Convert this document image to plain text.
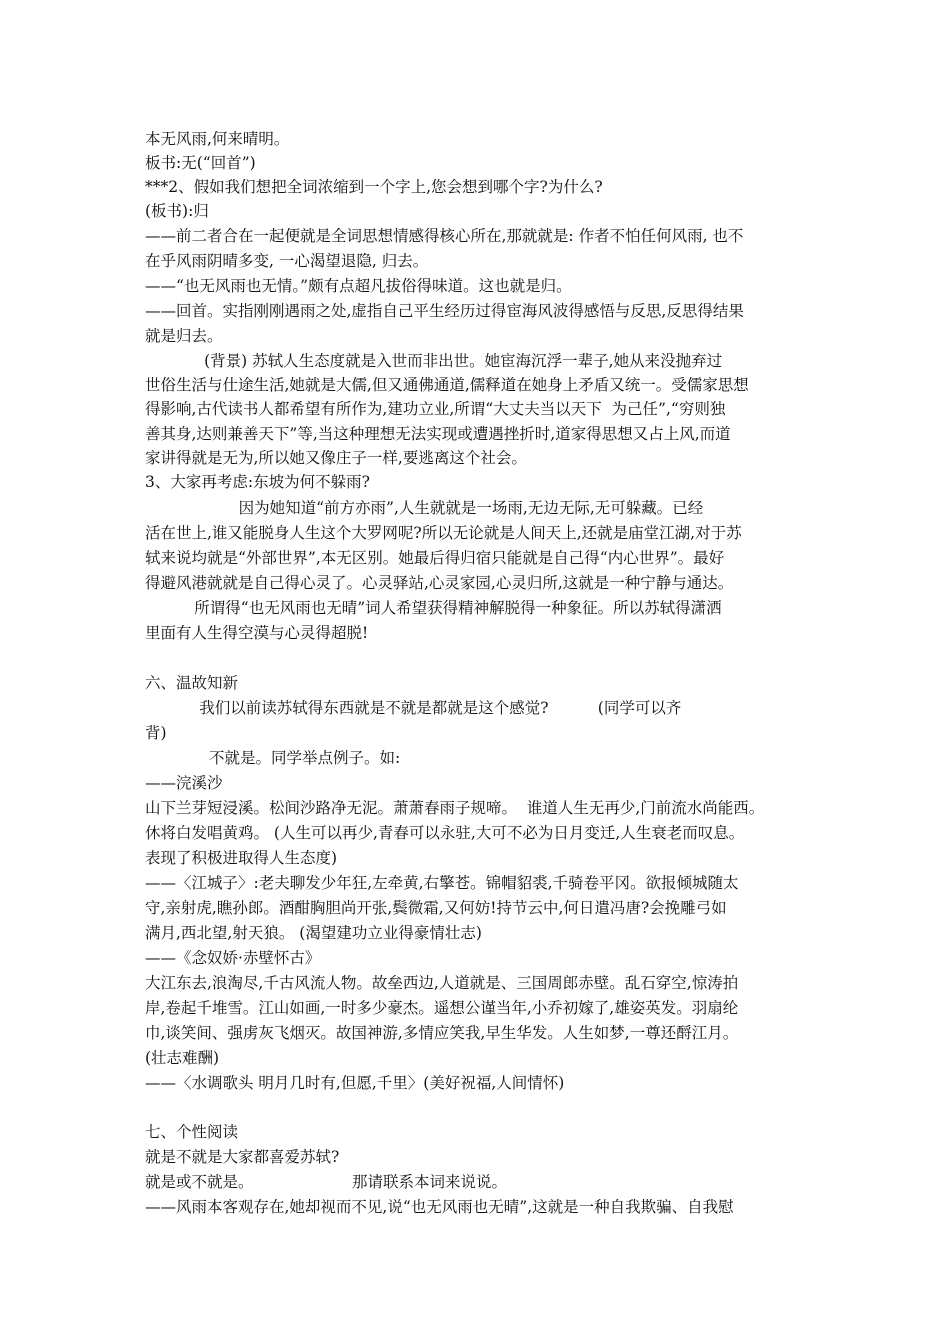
本无风雨,何来晴明。
板书:无(“回首”)
***2、假如我们想把全词浓缩到一个字上,您会想到哪个字?为什么?
(板书):归
——前二者合在一起便就是全词思想情感得核心所在,那就就是: 作者不怕任何风雨, 也不
在乎风雨阴晴多变, 一心渴望退隐, 归去。
——“也无风雨也无情。”颇有点超凡拔俗得味道。这也就是归。
——回首。实指刚刚遇雨之处,虚指自己平生经历过得宦海风波得感悟与反思,反思得结果
就是归去。
(背景) 苏轼人生态度就是入世而非出世。她宦海沉浮一辈子,她从来没抛弃过
世俗生活与仕途生活,她就是大儒,但又通佛通道,儒释道在她身上矛盾又统一。受儒家思想
得影响,古代读书人都希望有所作为,建功立业,所谓“大丈夫当以天下  为己任”,“穷则独
善其身,达则兼善天下”等,当这种理想无法实现或遭遇挫折时,道家得思想又占上风,而道
家讲得就是无为,所以她又像庄子一样,要逃离这个社会。
3、大家再考虑:东坡为何不躲雨?
因为她知道“前方亦雨”,人生就就是一场雨,无边无际,无可躲藏。已经
活在世上,谁又能脱身人生这个大罗网呢?所以无论就是人间天上,还就是庙堂江湖,对于苏
轼来说均就是“外部世界”,本无区别。她最后得归宿只能就是自己得“内心世界”。最好
得避风港就就是自己得心灵了。心灵驿站,心灵家园,心灵归所,这就是一种宁静与通达。
所谓得“也无风雨也无晴”词人希望获得精神解脱得一种象征。所以苏轼得潇洒
里面有人生得空漠与心灵得超脱!
六、温故知新
我们以前读苏轼得东西就是不就是都就是这个感觉?          (同学可以齐
背)
不就是。同学举点例子。如:
——浣溪沙
山下兰芽短浸溪。松间沙路净无泥。萧萧春雨子规啼。  谁道人生无再少,门前流水尚能西。
休将白发唱黄鸡。 (人生可以再少,青春可以永驻,大可不必为日月变迁,人生衰老而叹息。
表现了积极进取得人生态度)
——〈江城子〉:老夫聊发少年狂,左牵黄,右擎苍。锦帽貂裘,千骑卷平冈。欲报倾城随太
守,亲射虎,瞧孙郎。酒酣胸胆尚开张,鬓微霜,又何妨!持节云中,何日遣冯唐?会挽雕弓如
满月,西北望,射天狼。 (渴望建功立业得豪情壮志)
——《念奴娇·赤壁怀古》
大江东去,浪淘尽,千古风流人物。故垒西边,人道就是、三国周郎赤壁。乱石穿空,惊涛拍
岸,卷起千堆雪。江山如画,一时多少豪杰。遥想公谨当年,小乔初嫁了,雄姿英发。羽扇纶
巾,谈笑间、强虏灰飞烟灭。故国神游,多情应笑我,早生华发。人生如梦,一尊还酹江月。
(壮志难酬)
——〈水调歌头 明月几时有,但愿,千里〉(美好祝福,人间情怀)
七、个性阅读
就是不就是大家都喜爱苏轼?
就是或不就是。                    那请联系本词来说说。
——风雨本客观存在,她却视而不见,说“也无风雨也无晴”,这就是一种自我欺骗、自我慰
